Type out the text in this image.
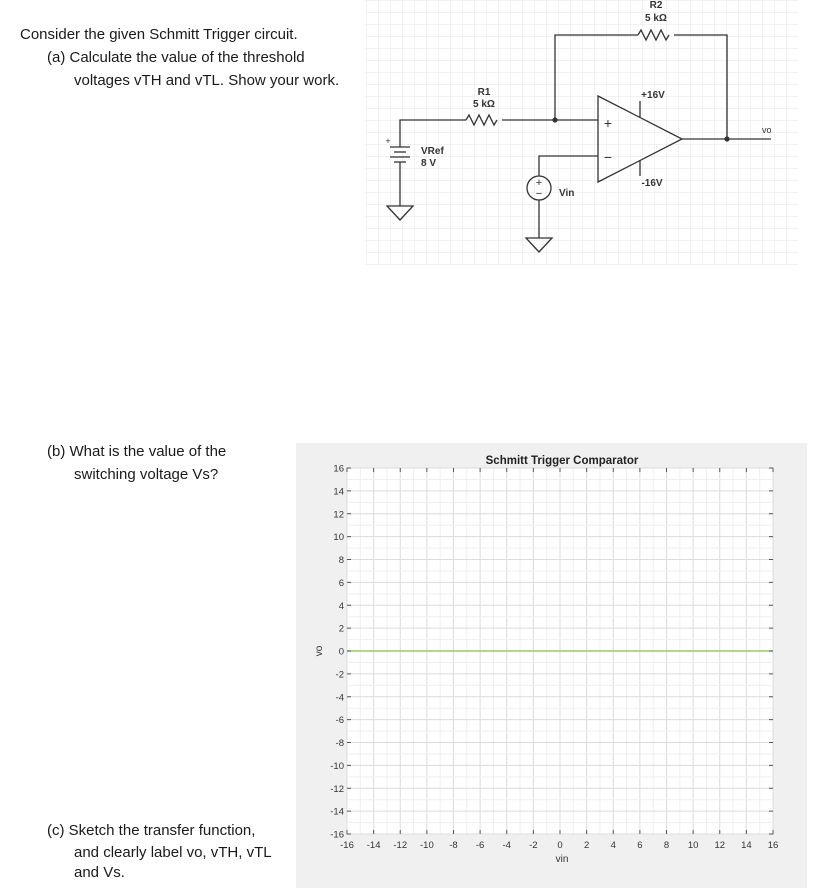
Consider the given Schmitt Trigger circuit.
(a) Calculate the value of the threshold
voltages vTH and vTL. Show your work.
(b) What is the value of the
switching voltage Vs?
(c) Sketch the transfer function,
and clearly label vo, vTH, vTL
and Vs.
R2
5 kΩ
R1
5 kΩ
+16V
-16V
VRef
8 V
Vin
vo
+
−
+
+
−
-16 -14 -12 -10 -8 -6 -4 -2 0 2 4 6 8 10 12 14 16
16
14
12
10
8
6
4
2
0
-2
-4
-6
-8
-10
-12
-14
-16
Schmitt Trigger Comparator
vin
vo
